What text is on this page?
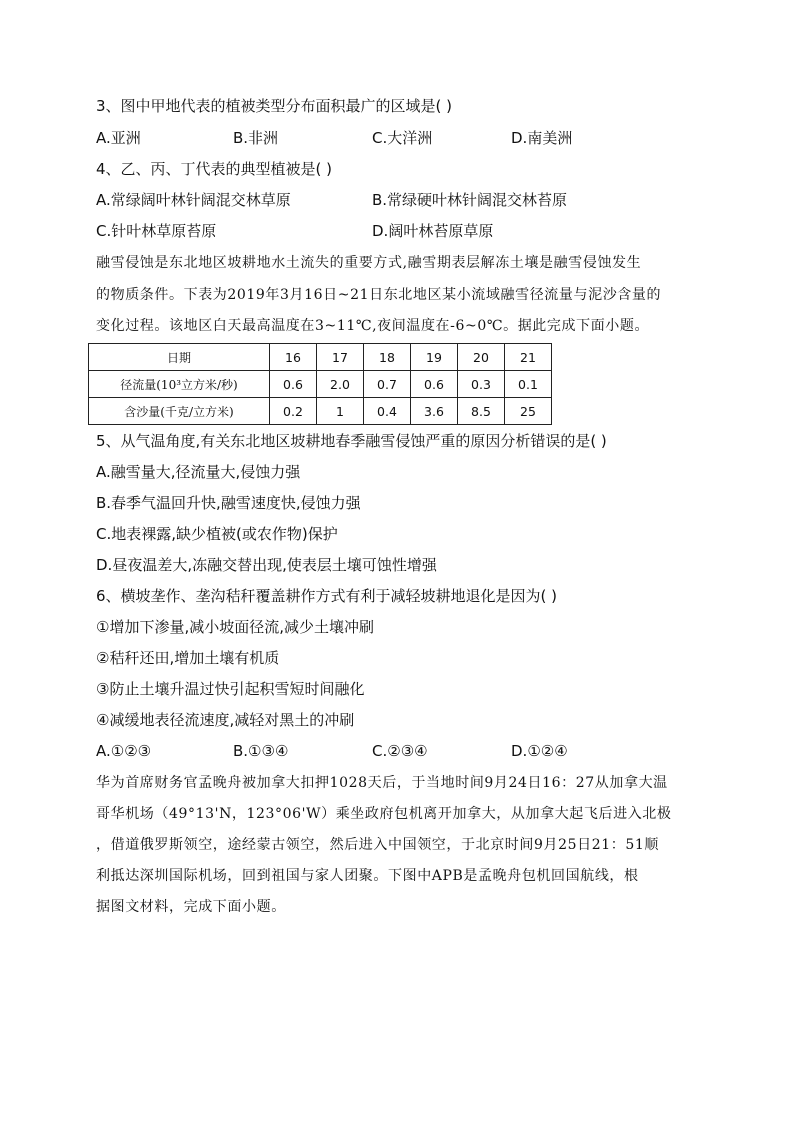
3、图中甲地代表的植被类型分布面积最广的区域是( )
A.亚洲	B.非洲	C.大洋洲	D.南美洲
4、乙、丙、丁代表的典型植被是( )
A.常绿阔叶林针阔混交林草原	B.常绿硬叶林针阔混交林苔原
C.针叶林草原苔原	D.阔叶林苔原草原
融雪侵蚀是东北地区坡耕地水土流失的重要方式,融雪期表层解冻土壤是融雪侵蚀发生
的物质条件。下表为2019年3月16日~21日东北地区某小流域融雪径流量与泥沙含量的
变化过程。该地区白天最高温度在3~11℃,夜间温度在-6~0℃。据此完成下面小题。
日期	16	17	18	19	20	21
径流量(10³立方米/秒)	0.6	2.0	0.7	0.6	0.3	0.1
含沙量(千克/立方米)	0.2	1	0.4	3.6	8.5	25
5、从气温角度,有关东北地区坡耕地春季融雪侵蚀严重的原因分析错误的是( )
A.融雪量大,径流量大,侵蚀力强
B.春季气温回升快,融雪速度快,侵蚀力强
C.地表裸露,缺少植被(或农作物)保护
D.昼夜温差大,冻融交替出现,使表层土壤可蚀性增强
6、横坡垄作、垄沟秸秆覆盖耕作方式有利于减轻坡耕地退化是因为( )
①增加下渗量,减小坡面径流,减少土壤冲刷
②秸秆还田,增加土壤有机质
③防止土壤升温过快引起积雪短时间融化
④减缓地表径流速度,减轻对黑土的冲刷
A.①②③	B.①③④	C.②③④	D.①②④
华为首席财务官孟晚舟被加拿大扣押1028天后，于当地时间9月24日16：27从加拿大温
哥华机场（49°13'N，123°06'W）乘坐政府包机离开加拿大，从加拿大起飞后进入北极
，借道俄罗斯领空，途经蒙古领空，然后进入中国领空，于北京时间9月25日21：51顺
利抵达深圳国际机场，回到祖国与家人团聚。下图中APB是孟晚舟包机回国航线，根
据图文材料，完成下面小题。
